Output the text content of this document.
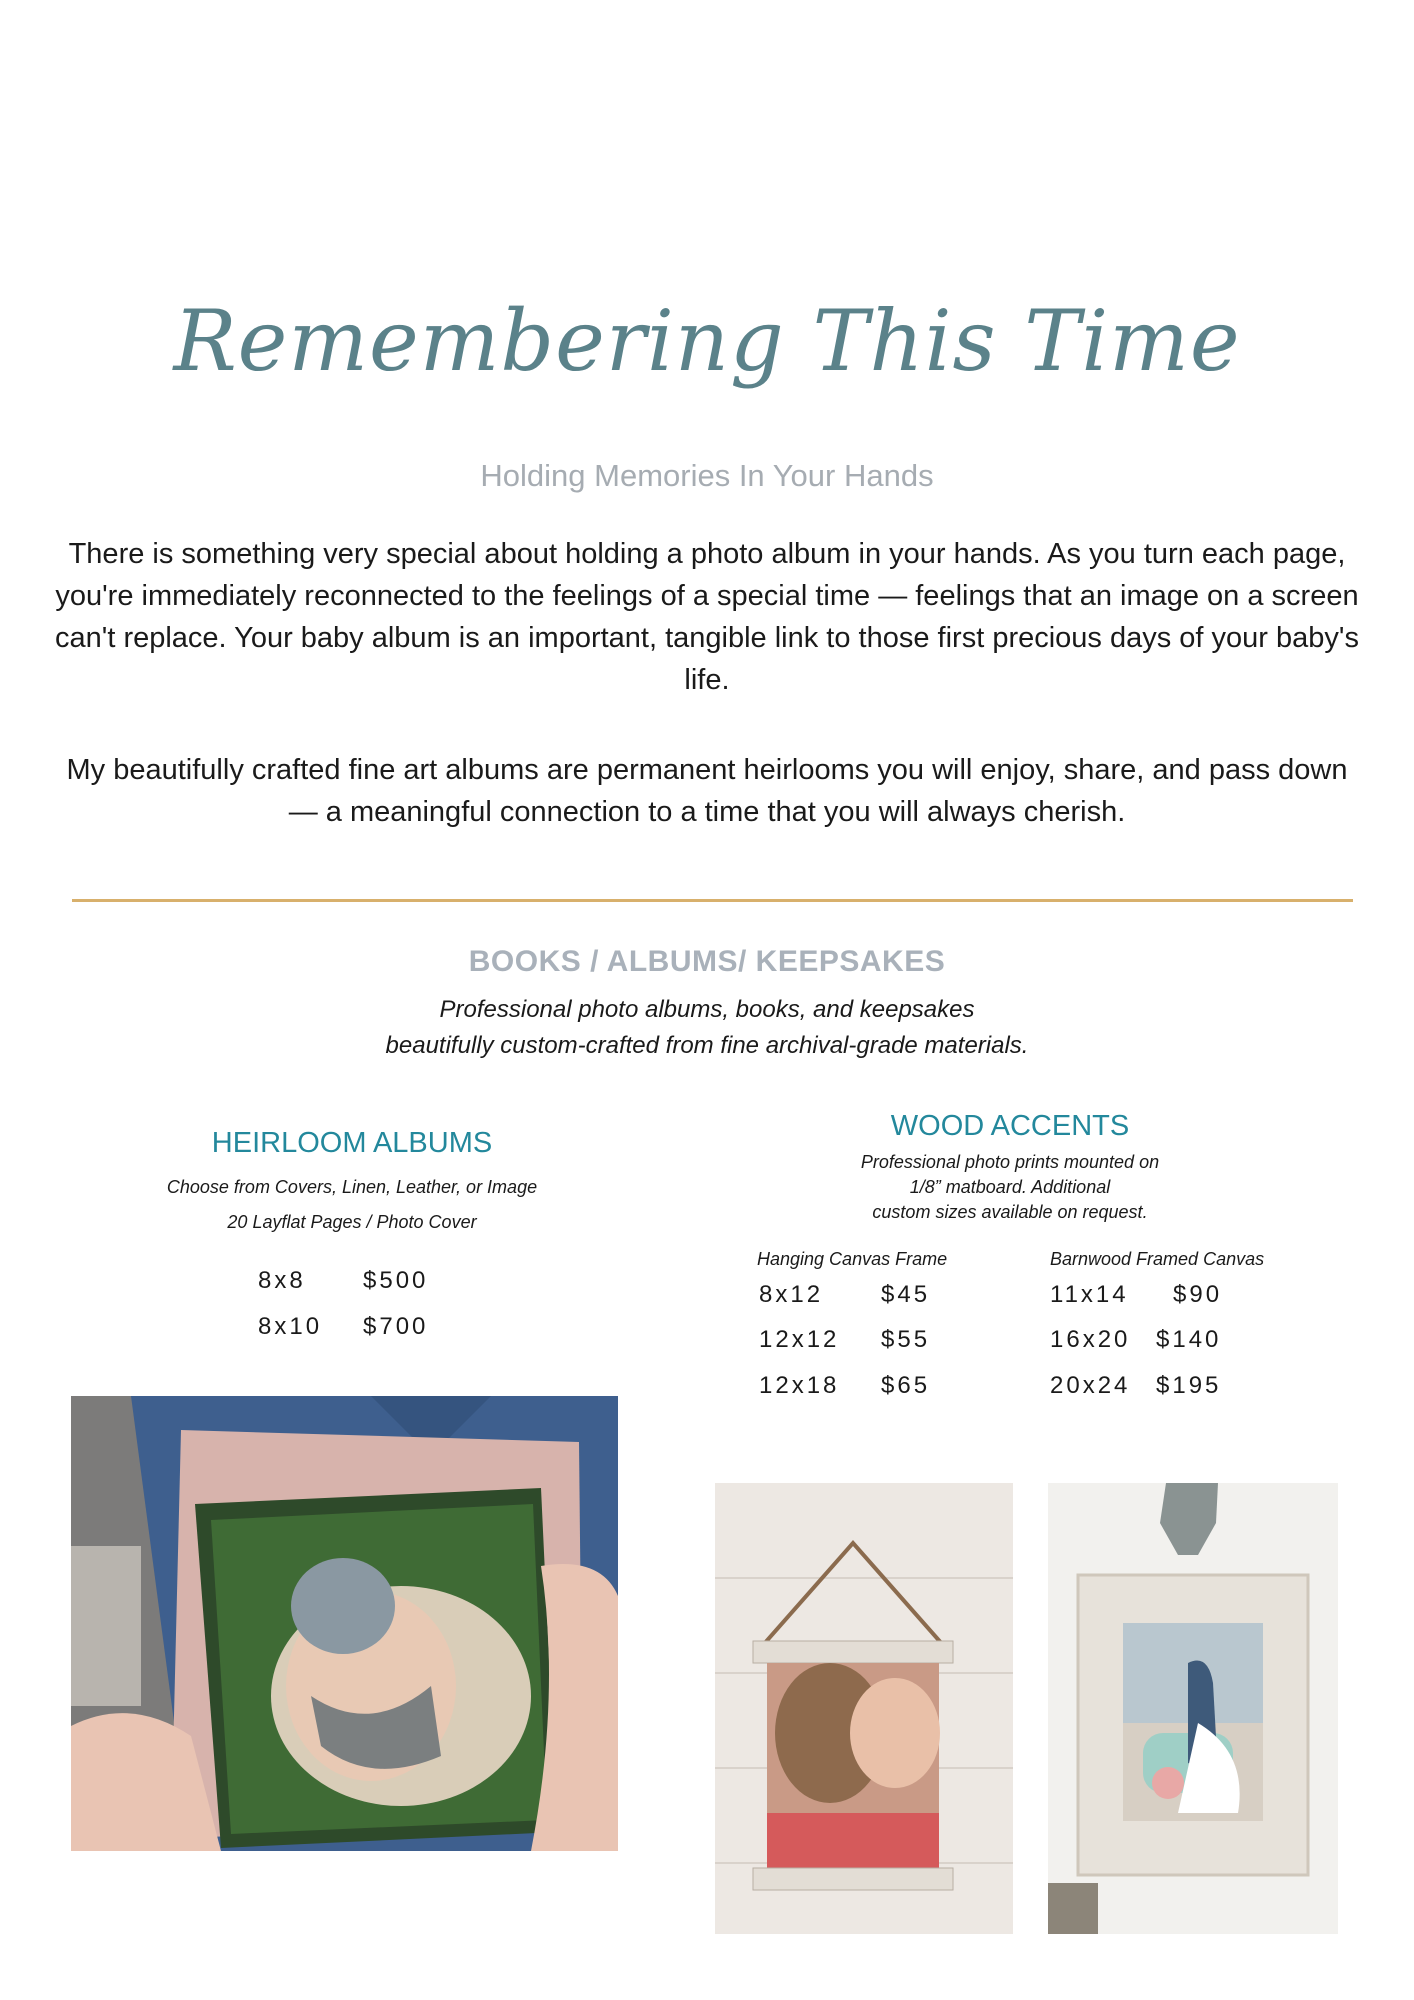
Remembering This Time
Holding Memories In Your Hands

There is something very special about holding a photo album in your hands. As you turn each page, you're immediately reconnected to the feelings of a special time — feelings that an image on a screen can't replace. Your baby album is an important, tangible link to those first precious days of your baby's life.

My beautifully crafted fine art albums are permanent heirlooms you will enjoy, share, and pass down — a meaningful connection to a time that you will always cherish.

BOOKS / ALBUMS/ KEEPSAKES
Professional photo albums, books, and keepsakes
beautifully custom-crafted from fine archival-grade materials.
HEIRLOOM ALBUMS
Choose from Covers, Linen, Leather, or Image
20 Layflat Pages / Photo Cover
8x8 $500
8x10 $700
WOOD ACCENTS
Professional photo prints mounted on
1/8” matboard. Additional
custom sizes available on request.
Hanging Canvas Frame	Barnwood Framed Canvas
8x12 $45
12x12 $55
12x18 $65
11x14 $90
16x20 $140
20x24 $195
